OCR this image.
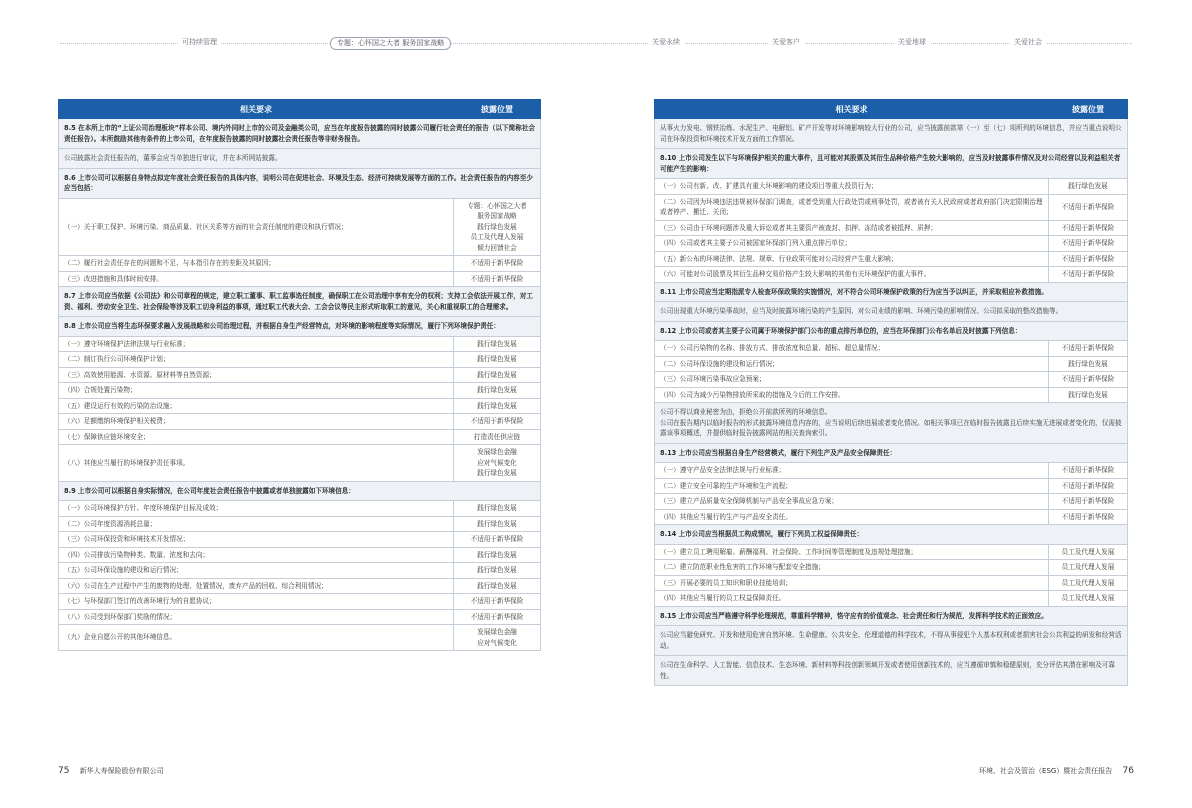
可持续管理	专题：心怀国之大者 服务国家战略	关爱永续	关爱客户	关爱地球	关爱社会
相关要求	披露位置
8.5 在本所上市的“上证公司治理板块”样本公司、境内外同时上市的公司及金融类公司，应当在年度报告披露的同时披露公司履行社会责任的报告（以下简称社会责任报告）。本所鼓励其他有条件的上市公司，在年度报告披露的同时披露社会责任报告等非财务报告。	
公司披露社会责任报告的，董事会应当单独进行审议，并在本所网站披露。	
8.6 上市公司可以根据自身特点拟定年度社会责任报告的具体内容，说明公司在促进社会、环境及生态、经济可持续发展等方面的工作。社会责任报告的内容至少应当包括：	
（一）关于职工保护、环境污染、商品质量、社区关系等方面的社会责任制度的建设和执行情况；	专题：心怀国之大者
服务国家战略
践行绿色发展
员工及代理人发展
倾力回馈社会

（二）履行社会责任存在的问题和不足、与本指引存在的差距及其原因；	不适用于新华保险

（三）改进措施和具体时间安排。	不适用于新华保险

8.7 上市公司应当依据《公司法》和公司章程的规定，建立职工董事、职工监事选任制度，确保职工在公司治理中享有充分的权利；支持工会依法开展工作，对工资、福利、劳动安全卫生、社会保险等涉及职工切身利益的事项，通过职工代表大会、工会会议等民主形式听取职工的意见，关心和重视职工的合理需求。	
8.8 上市公司应当将生态环保要求融入发展战略和公司治理过程，并根据自身生产经营特点，对环境的影响程度等实际情况，履行下列环境保护责任：	
（一）遵守环境保护法律法规与行业标准；	践行绿色发展

（二）制订执行公司环境保护计划；	践行绿色发展

（三）高效使用能源、水资源、原材料等自然资源；	践行绿色发展

（四）合规处置污染物；	践行绿色发展

（五）建设运行有效的污染防治设施；	践行绿色发展

（六）足额缴纳环境保护相关税费；	不适用于新华保险

（七）保障供应链环境安全；	打造责任供应链

（八）其他应当履行的环境保护责任事项。	发展绿色金融
应对气候变化
践行绿色发展

8.9 上市公司可以根据自身实际情况，在公司年度社会责任报告中披露或者单独披露如下环境信息：	
（一）公司环境保护方针、年度环境保护目标及成效；	践行绿色发展

（二）公司年度资源消耗总量；	践行绿色发展

（三）公司环保投资和环境技术开发情况；	不适用于新华保险

（四）公司排放污染物种类、数量、浓度和去向；	践行绿色发展

（五）公司环保设施的建设和运行情况；	践行绿色发展

（六）公司在生产过程中产生的废物的处理、处置情况，废弃产品的回收、综合利用情况；	践行绿色发展

（七）与环保部门签订的改善环境行为的自愿协议；	不适用于新华保险

（八）公司受到环保部门奖励的情况；	不适用于新华保险

（九）企业自愿公开的其他环境信息。	发展绿色金融
应对气候变化
相关要求	披露位置
从事火力发电、钢铁冶炼、水泥生产、电解铝、矿产开发等对环境影响较大行业的公司，应当披露前款第（一）至（七）项所列的环境信息，并应当重点说明公司在环保投资和环境技术开发方面的工作情况。	
8.10 上市公司发生以下与环境保护相关的重大事件，且可能对其股票及其衍生品种价格产生较大影响的，应当及时披露事件情况及对公司经营以及利益相关者可能产生的影响：	
（一）公司有新、改、扩建具有重大环境影响的建设项目等重大投资行为；	践行绿色发展

（二）公司因为环境违法违规被环保部门调查，或者受到重大行政处罚或刑事处罚，或者被有关人民政府或者政府部门决定限期治理或者停产、搬迁、关闭；	不适用于新华保险

（三）公司由于环境问题涉及重大诉讼或者其主要资产被查封、扣押、冻结或者被抵押、质押；	不适用于新华保险

（四）公司或者其主要子公司被国家环保部门列入重点排污单位；	不适用于新华保险

（五）新公布的环境法律、法规、规章、行业政策可能对公司经营产生重大影响；	不适用于新华保险

（六）可能对公司股票及其衍生品种交易价格产生较大影响的其他有关环境保护的重大事件。	不适用于新华保险

8.11 上市公司应当定期指派专人检查环保政策的实施情况，对不符合公司环境保护政策的行为应当予以纠正，并采取相应补救措施。	
公司出现重大环境污染事故时，应当及时披露环境污染的产生原因、对公司业绩的影响、环境污染的影响情况、公司拟采取的整改措施等。	
8.12 上市公司或者其主要子公司属于环境保护部门公布的重点排污单位的，应当在环保部门公布名单后及时披露下列信息：	
（一）公司污染物的名称、排放方式、排放浓度和总量、超标、超总量情况；	不适用于新华保险

（二）公司环保设施的建设和运行情况；	践行绿色发展

（三）公司环境污染事故应急预案；	不适用于新华保险

（四）公司为减少污染物排放所采取的措施及今后的工作安排。	践行绿色发展

公司不得以商业秘密为由，拒绝公开前款所列的环境信息。
公司在报告期内以临时报告的形式披露环境信息内容的，应当说明后续进展或者变化情况。如相关事项已在临时报告披露且后续实施无进展或者变化的，仅需披露该事项概述，并提供临时报告披露网站的相关查询索引。	
8.13 上市公司应当根据自身生产经营模式，履行下列生产及产品安全保障责任：	
（一）遵守产品安全法律法规与行业标准；	不适用于新华保险

（二）建立安全可靠的生产环境和生产流程；	不适用于新华保险

（三）建立产品质量安全保障机制与产品安全事故应急方案；	不适用于新华保险

（四）其他应当履行的生产与产品安全责任。	不适用于新华保险

8.14 上市公司应当根据员工构成情况，履行下列员工权益保障责任：	
（一）建立员工聘用解雇、薪酬福利、社会保险、工作时间等管理制度及违规处理措施；	员工及代理人发展

（二）建立防范职业性危害的工作环境与配套安全措施；	员工及代理人发展

（三）开展必要的员工知识和职业技能培训；	员工及代理人发展

（四）其他应当履行的员工权益保障责任。	员工及代理人发展

8.15 上市公司应当严格遵守科学伦理规范，尊重科学精神，恪守应有的价值观念、社会责任和行为规范，发挥科学技术的正面效应。	
公司应当避免研究、开发和使用危害自然环境、生命健康、公共安全、伦理道德的科学技术，不得从事侵犯个人基本权利或者损害社会公共利益的研发和经营活动。	
公司在生命科学、人工智能、信息技术、生态环境、新材料等科技创新领域开发或者使用创新技术的，应当遵循审慎和稳健原则，充分评估其潜在影响及可靠性。	
75 新华人寿保险股份有限公司	环境、社会及管治（ESG）暨社会责任报告 76
